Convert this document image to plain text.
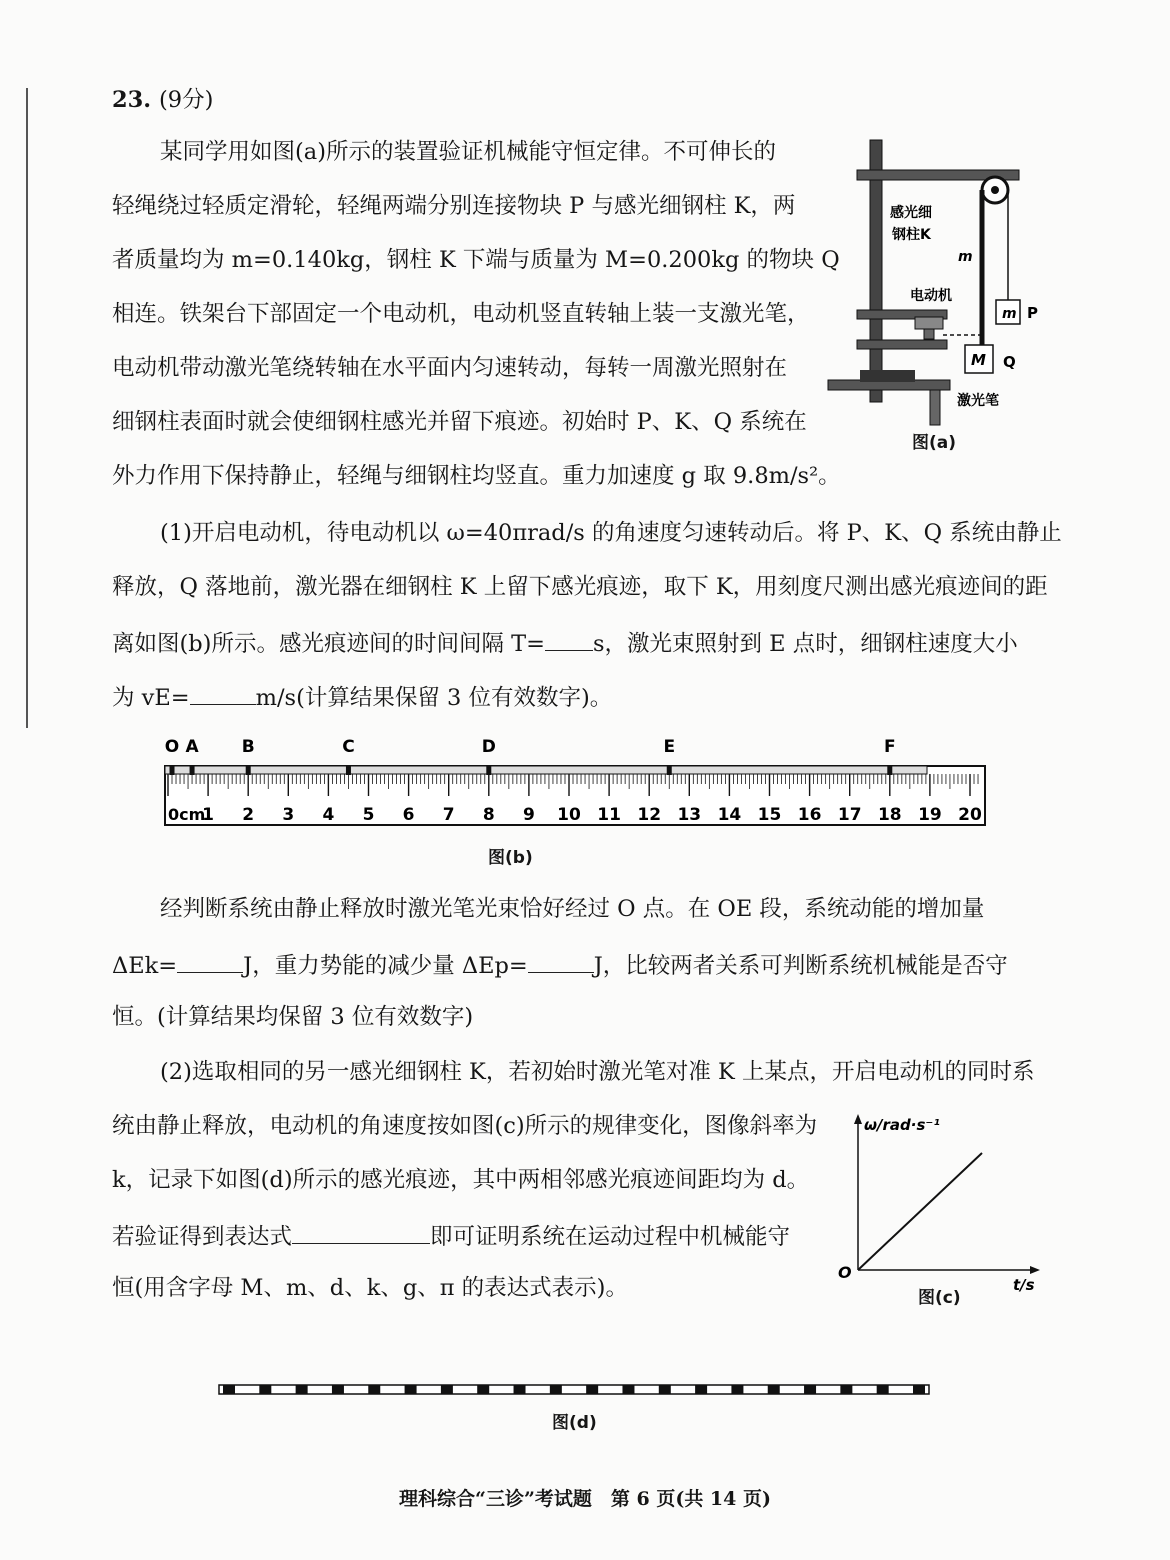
23. (9分)
某同学用如图(a)所示的装置验证机械能守恒定律。不可伸长的
轻绳绕过轻质定滑轮，轻绳两端分别连接物块 P 与感光细钢柱 K，两
者质量均为 m=0.140kg，钢柱 K 下端与质量为 M=0.200kg 的物块 Q
相连。铁架台下部固定一个电动机，电动机竖直转轴上装一支激光笔，
电动机带动激光笔绕转轴在水平面内匀速转动，每转一周激光照射在
细钢柱表面时就会使细钢柱感光并留下痕迹。初始时 P、K、Q 系统在
外力作用下保持静止，轻绳与细钢柱均竖直。重力加速度 g 取 9.8m/s²。
感光细
钢柱K
m
电动机
m P
M Q
激光笔
图(a)
(1)开启电动机，待电动机以 ω=40πrad/s 的角速度匀速转动后。将 P、K、Q 系统由静止
释放，Q 落地前，激光器在细钢柱 K 上留下感光痕迹，取下 K，用刻度尺测出感光痕迹间的距
离如图(b)所示。感光痕迹间的时间间隔 T= s，激光束照射到 E 点时，细钢柱速度大小
为 vE=	m/s(计算结果保留 3 位有效数字)。
1 2 3 4 5 6 7 8 9 10 11 12 13 14 15 16 17 18 19 20
O A	B	C	D	E	F
0cm
图(b)
经判断系统由静止释放时激光笔光束恰好经过 O 点。在 OE 段，系统动能的增加量
ΔEk=	J，重力势能的减少量 ΔEp=	J，比较两者关系可判断系统机械能是否守
恒。(计算结果均保留 3 位有效数字)
(2)选取相同的另一感光细钢柱 K，若初始时激光笔对准 K 上某点，开启电动机的同时系
统由静止释放，电动机的角速度按如图(c)所示的规律变化，图像斜率为
k，记录下如图(d)所示的感光痕迹，其中两相邻感光痕迹间距均为 d。
若验证得到表达式	即可证明系统在运动过程中机械能守
恒(用含字母 M、m、d、k、g、π 的表达式表示)。
ω/rad·s⁻¹
t/s
O
图(c)
图(d)
理科综合“三诊”考试题　第 6 页(共 14 页)
